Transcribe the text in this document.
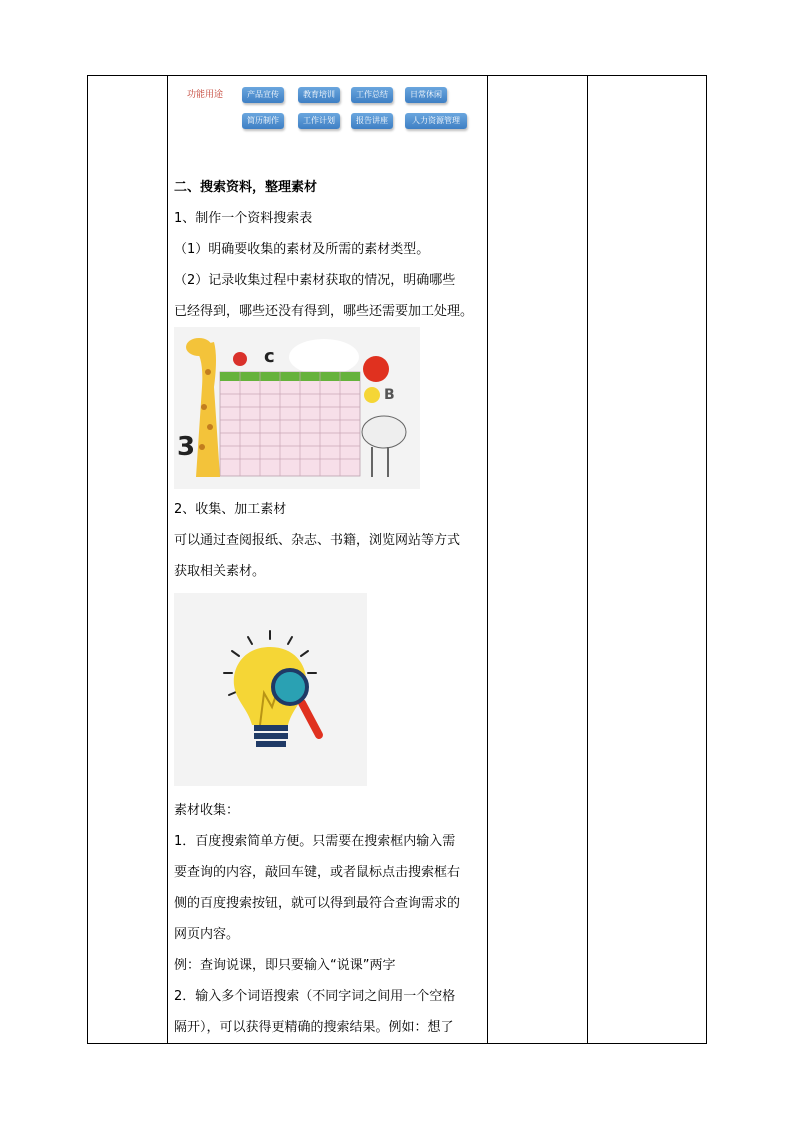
功能用途	产品宣传	教育培训	工作总结	日常休闲
简历制作	工作计划	报告讲座	人力资源管理
二、搜索资料，整理素材
1、制作一个资料搜索表
（1）明确要收集的素材及所需的素材类型。
（2）记录收集过程中素材获取的情况，明确哪些
已经得到，哪些还没有得到，哪些还需要加工处理。
3
c
B
2、收集、加工素材
可以通过查阅报纸、杂志、书籍，浏览网站等方式
获取相关素材。
素材收集：
1．百度搜索简单方便。只需要在搜索框内输入需
要查询的内容，敲回车键，或者鼠标点击搜索框右
侧的百度搜索按钮，就可以得到最符合查询需求的
网页内容。
例：查询说课，即只要输入“说课”两字
2．输入多个词语搜索（不同字词之间用一个空格
隔开），可以获得更精确的搜索结果。例如：想了
